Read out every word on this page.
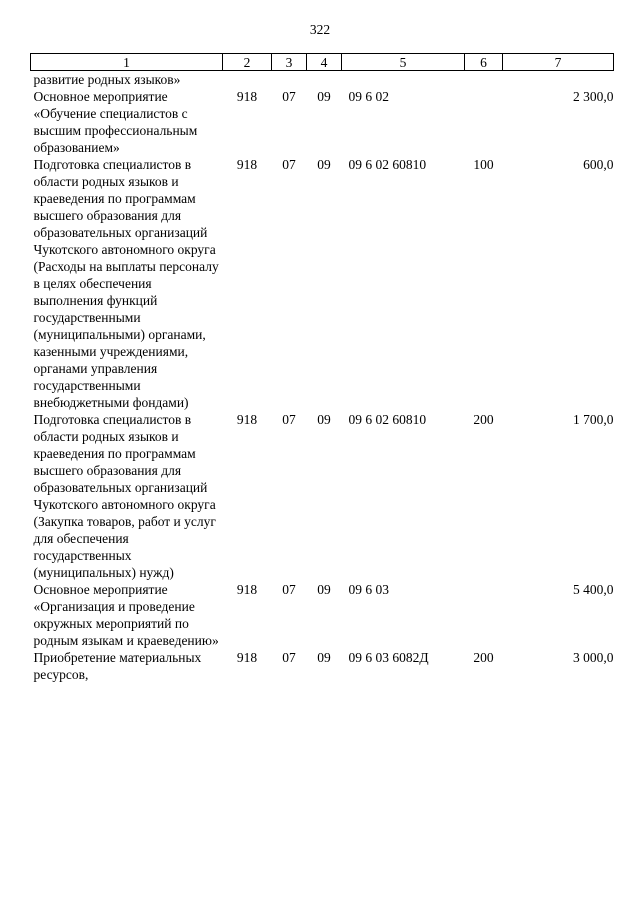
322
1	2	3	4	5	6	7
развитие родных языков»						
Основное мероприятие «Обучение специалистов с высшим профессиональным образованием»	918	07	09	09 6 02		2 300,0
Подготовка специалистов в области родных языков и краеведения по программам высшего образования для образовательных организаций Чукотского автономного округа (Расходы на выплаты персоналу в целях обеспечения выполнения функций государственными (муниципальными) органами, казенными учреждениями, органами управления государственными внебюджетными фондами)	918	07	09	09 6 02 60810	100	600,0
Подготовка специалистов в области родных языков и краеведения по программам высшего образования для образовательных организаций Чукотского автономного округа (Закупка товаров, работ и услуг для обеспечения государственных (муниципальных) нужд)	918	07	09	09 6 02 60810	200	1 700,0
Основное мероприятие «Организация и проведение окружных мероприятий по родным языкам и краеведению»	918	07	09	09 6 03		5 400,0
Приобретение материальных ресурсов,	918	07	09	09 6 03 6082Д	200	3 000,0
